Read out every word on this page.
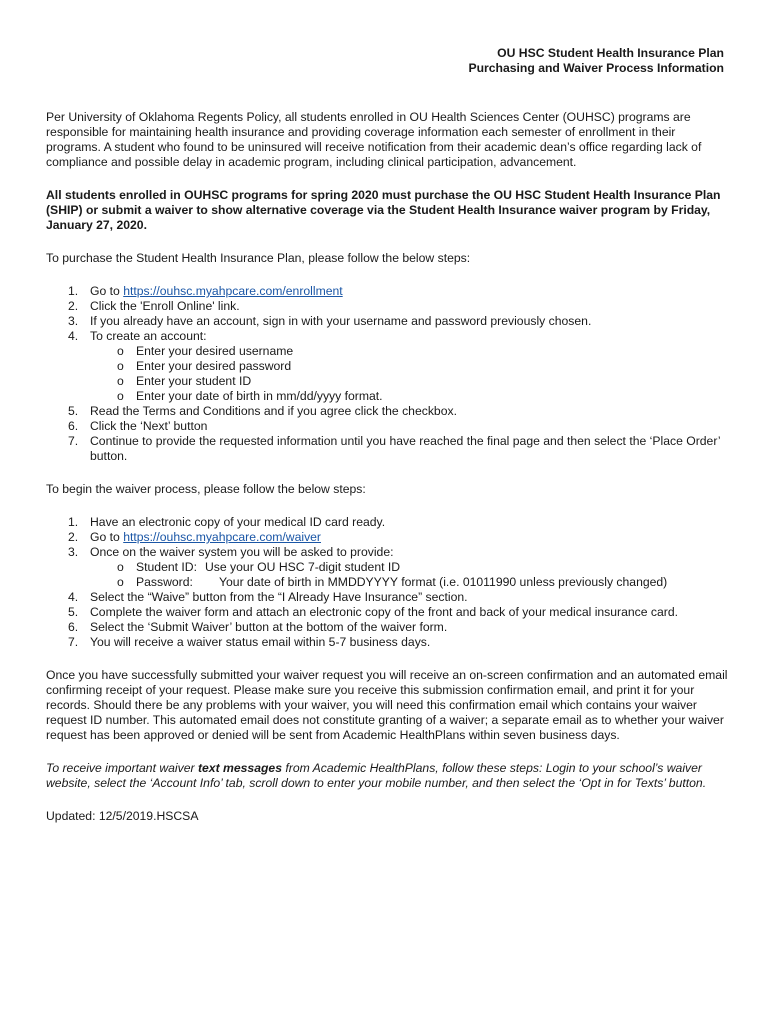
OU HSC Student Health Insurance Plan
Purchasing and Waiver Process Information

Per University of Oklahoma Regents Policy, all students enrolled in OU Health Sciences Center (OUHSC) programs are responsible for maintaining health insurance and providing coverage information each semester of enrollment in their programs. A student who found to be uninsured will receive notification from their academic dean’s office regarding lack of compliance and possible delay in academic program, including clinical participation, advancement.

All students enrolled in OUHSC programs for spring 2020 must purchase the OU HSC Student Health Insurance Plan (SHIP) or submit a waiver to show alternative coverage via the Student Health Insurance waiver program by Friday, January 27, 2020.

To purchase the Student Health Insurance Plan, please follow the below steps:

1. Go to https://ouhsc.myahpcare.com/enrollment
2. Click the 'Enroll Online' link.
3. If you already have an account, sign in with your username and password previously chosen.
4. To create an account:
o Enter your desired username
o Enter your desired password
o Enter your student ID
o Enter your date of birth in mm/dd/yyyy format.
5. Read the Terms and Conditions and if you agree click the checkbox.
6. Click the ‘Next’ button
7. Continue to provide the requested information until you have reached the final page and then select the ‘Place Order’ button.

To begin the waiver process, please follow the below steps:

1. Have an electronic copy of your medical ID card ready.
2. Go to https://ouhsc.myahpcare.com/waiver
3. Once on the waiver system you will be asked to provide:
o Student ID: Use your OU HSC 7-digit student ID
o Password: Your date of birth in MMDDYYYY format (i.e. 01011990 unless previously changed)
4. Select the “Waive” button from the “I Already Have Insurance” section.
5. Complete the waiver form and attach an electronic copy of the front and back of your medical insurance card.
6. Select the ‘Submit Waiver’ button at the bottom of the waiver form.
7. You will receive a waiver status email within 5-7 business days.

Once you have successfully submitted your waiver request you will receive an on-screen confirmation and an automated email confirming receipt of your request. Please make sure you receive this submission confirmation email, and print it for your records. Should there be any problems with your waiver, you will need this confirmation email which contains your waiver request ID number. This automated email does not constitute granting of a waiver; a separate email as to whether your waiver request has been approved or denied will be sent from Academic HealthPlans within seven business days.

To receive important waiver text messages from Academic HealthPlans, follow these steps: Login to your school’s waiver website, select the ‘Account Info’ tab, scroll down to enter your mobile number, and then select the ‘Opt in for Texts’ button.

Updated: 12/5/2019.HSCSA
